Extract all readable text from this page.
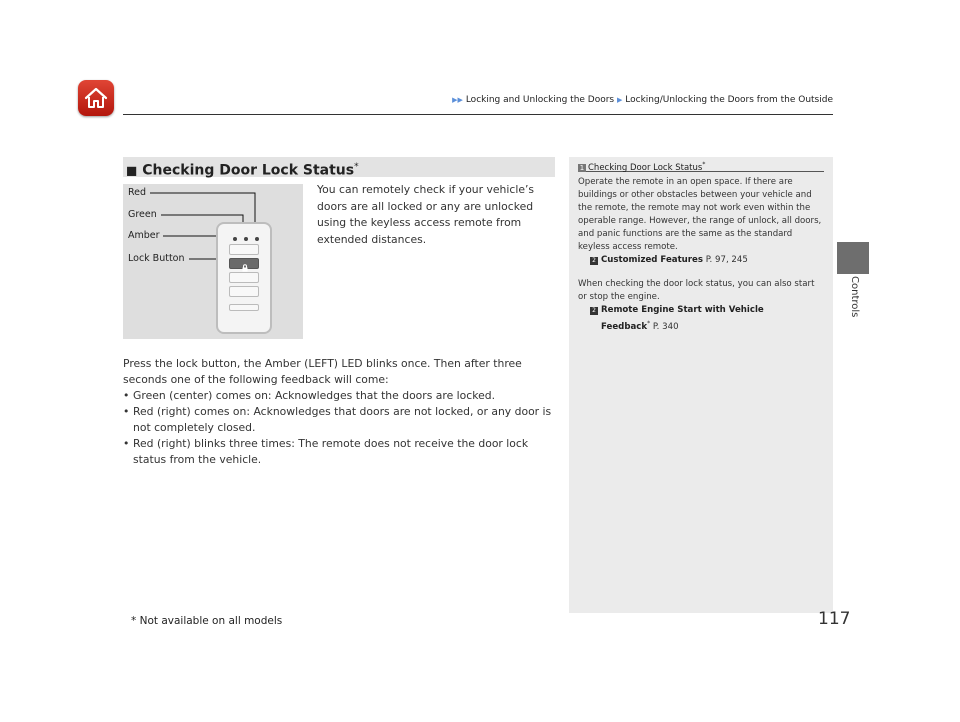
▶▶ Locking and Unlocking the Doors ▶ Locking/Unlocking the Doors from the Outside
Controls
■ Checking Door Lock Status*
Red
Green
Amber
Lock Button
You can remotely check if your vehicle’s doors are all locked or any are unlocked using the keyless access remote from extended distances.

Press the lock button, the Amber (LEFT) LED blinks once. Then after three seconds one of the following feedback will come:

• Green (center) comes on: Acknowledges that the doors are locked.
• Red (right) comes on: Acknowledges that doors are not locked, or any door is not completely closed.
• Red (right) blinks three times: The remote does not receive the door lock status from the vehicle.
1 Checking Door Lock Status*

Operate the remote in an open space. If there are buildings or other obstacles between your vehicle and the remote, the remote may not work even within the operable range. However, the range of unlock, all doors, and panic functions are the same as the standard keyless access remote.

2 Customized Features P. 97, 245

When checking the door lock status, you can also start or stop the engine.

2 Remote Engine Start with Vehicle
Feedback* P. 340
* Not available on all models	117
